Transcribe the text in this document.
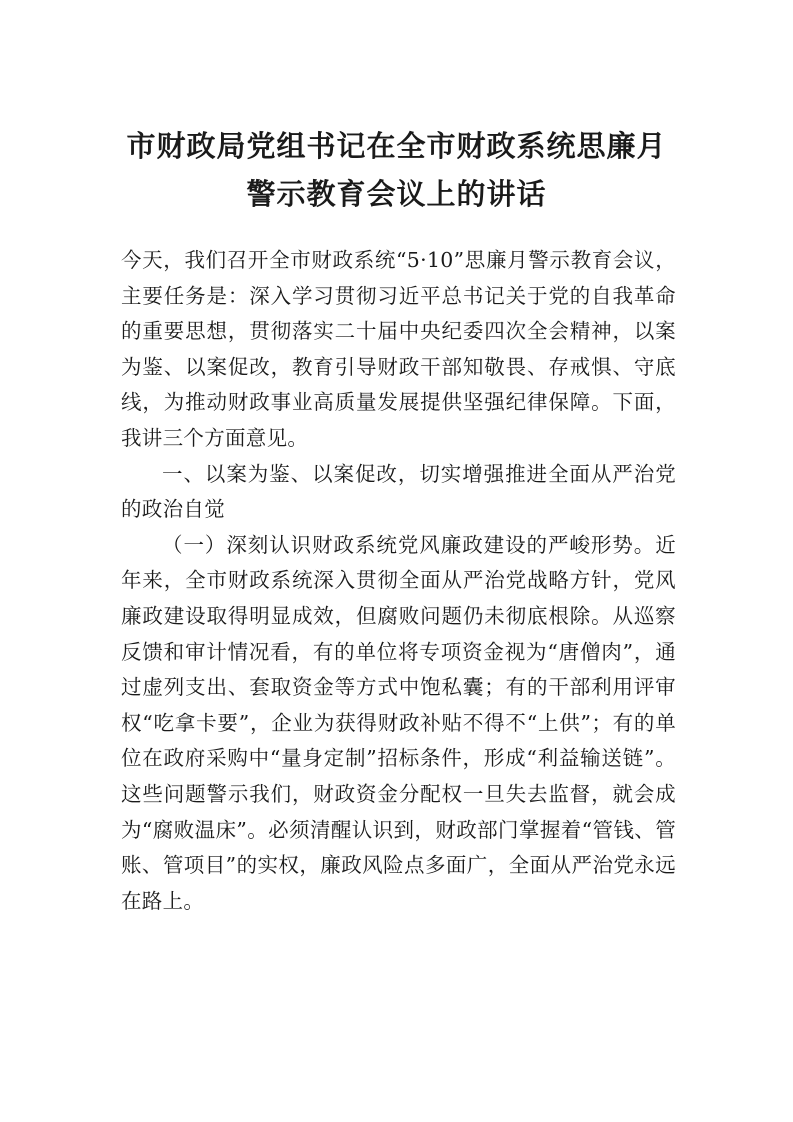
市财政局党组书记在全市财政系统思廉月
警示教育会议上的讲话

今天，我们召开全市财政系统“5·10”思廉月警示教育会议，主要任务是：深入学习贯彻习近平总书记关于党的自我革命的重要思想，贯彻落实二十届中央纪委四次全会精神，以案为鉴、以案促改，教育引导财政干部知敬畏、存戒惧、守底线，为推动财政事业高质量发展提供坚强纪律保障。下面，我讲三个方面意见。

一、以案为鉴、以案促改，切实增强推进全面从严治党的政治自觉

（一）深刻认识财政系统党风廉政建设的严峻形势。近年来，全市财政系统深入贯彻全面从严治党战略方针，党风廉政建设取得明显成效，但腐败问题仍未彻底根除。从巡察反馈和审计情况看，有的单位将专项资金视为“唐僧肉”，通过虚列支出、套取资金等方式中饱私囊；有的干部利用评审权“吃拿卡要”，企业为获得财政补贴不得不“上供”；有的单位在政府采购中“量身定制”招标条件，形成“利益输送链”。这些问题警示我们，财政资金分配权一旦失去监督，就会成为“腐败温床”。必须清醒认识到，财政部门掌握着“管钱、管账、管项目”的实权，廉政风险点多面广，全面从严治党永远在路上。
